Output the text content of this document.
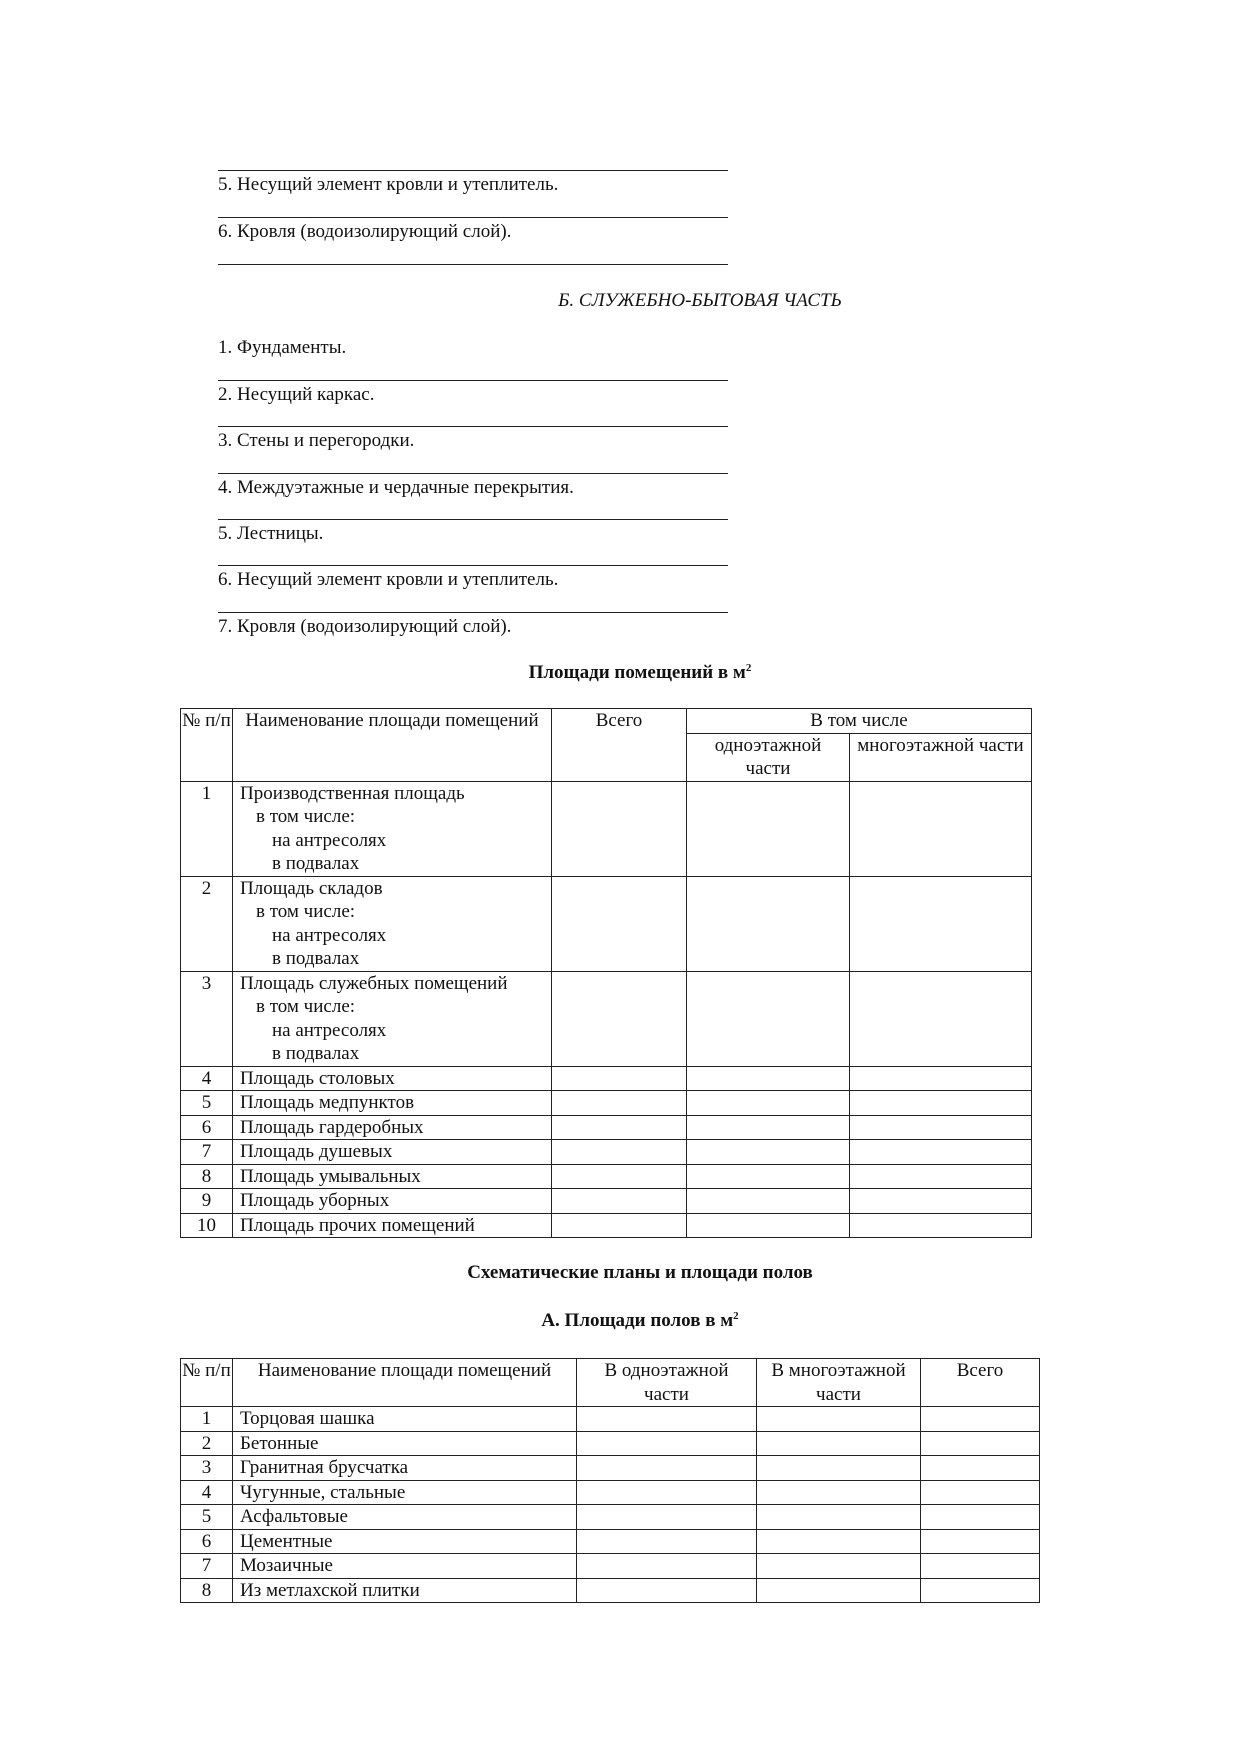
5. Несущий элемент кровли и утеплитель.
6. Кровля (водоизолирующий слой).
Б. СЛУЖЕБНО-БЫТОВАЯ ЧАСТЬ
1. Фундаменты.
2. Несущий каркас.
3. Стены и перегородки.
4. Междуэтажные и чердачные перекрытия.
5. Лестницы.
6. Несущий элемент кровли и утеплитель.
7. Кровля (водоизолирующий слой).
Площади помещений в $м^2$
№ п/п	Наименование площади помещений	Всего	В том числе	
			одноэтажной части	многоэтажной части
1	Производственная площадь
в том числе:
на антресолях
в подвалах			

2	Площадь складов
в том числе:
на антресолях
в подвалах			

3	Площадь служебных помещений
в том числе:
на антресолях
в подвалах			

4	Площадь столовых			
5	Площадь медпунктов			
6	Площадь гардеробных			
7	Площадь душевых			
8	Площадь умывальных			
9	Площадь уборных			
10	Площадь прочих помещений			
Схематические планы и площади полов
А. Площади полов в $м^2$
№ п/п	Наименование площади помещений	В одноэтажной части	В многоэтажной части	Всего
1	Торцовая шашка			
2	Бетонные			
3	Гранитная брусчатка			
4	Чугунные, стальные			
5	Асфальтовые			
6	Цементные			
7	Мозаичные			
8	Из метлахской плитки			
